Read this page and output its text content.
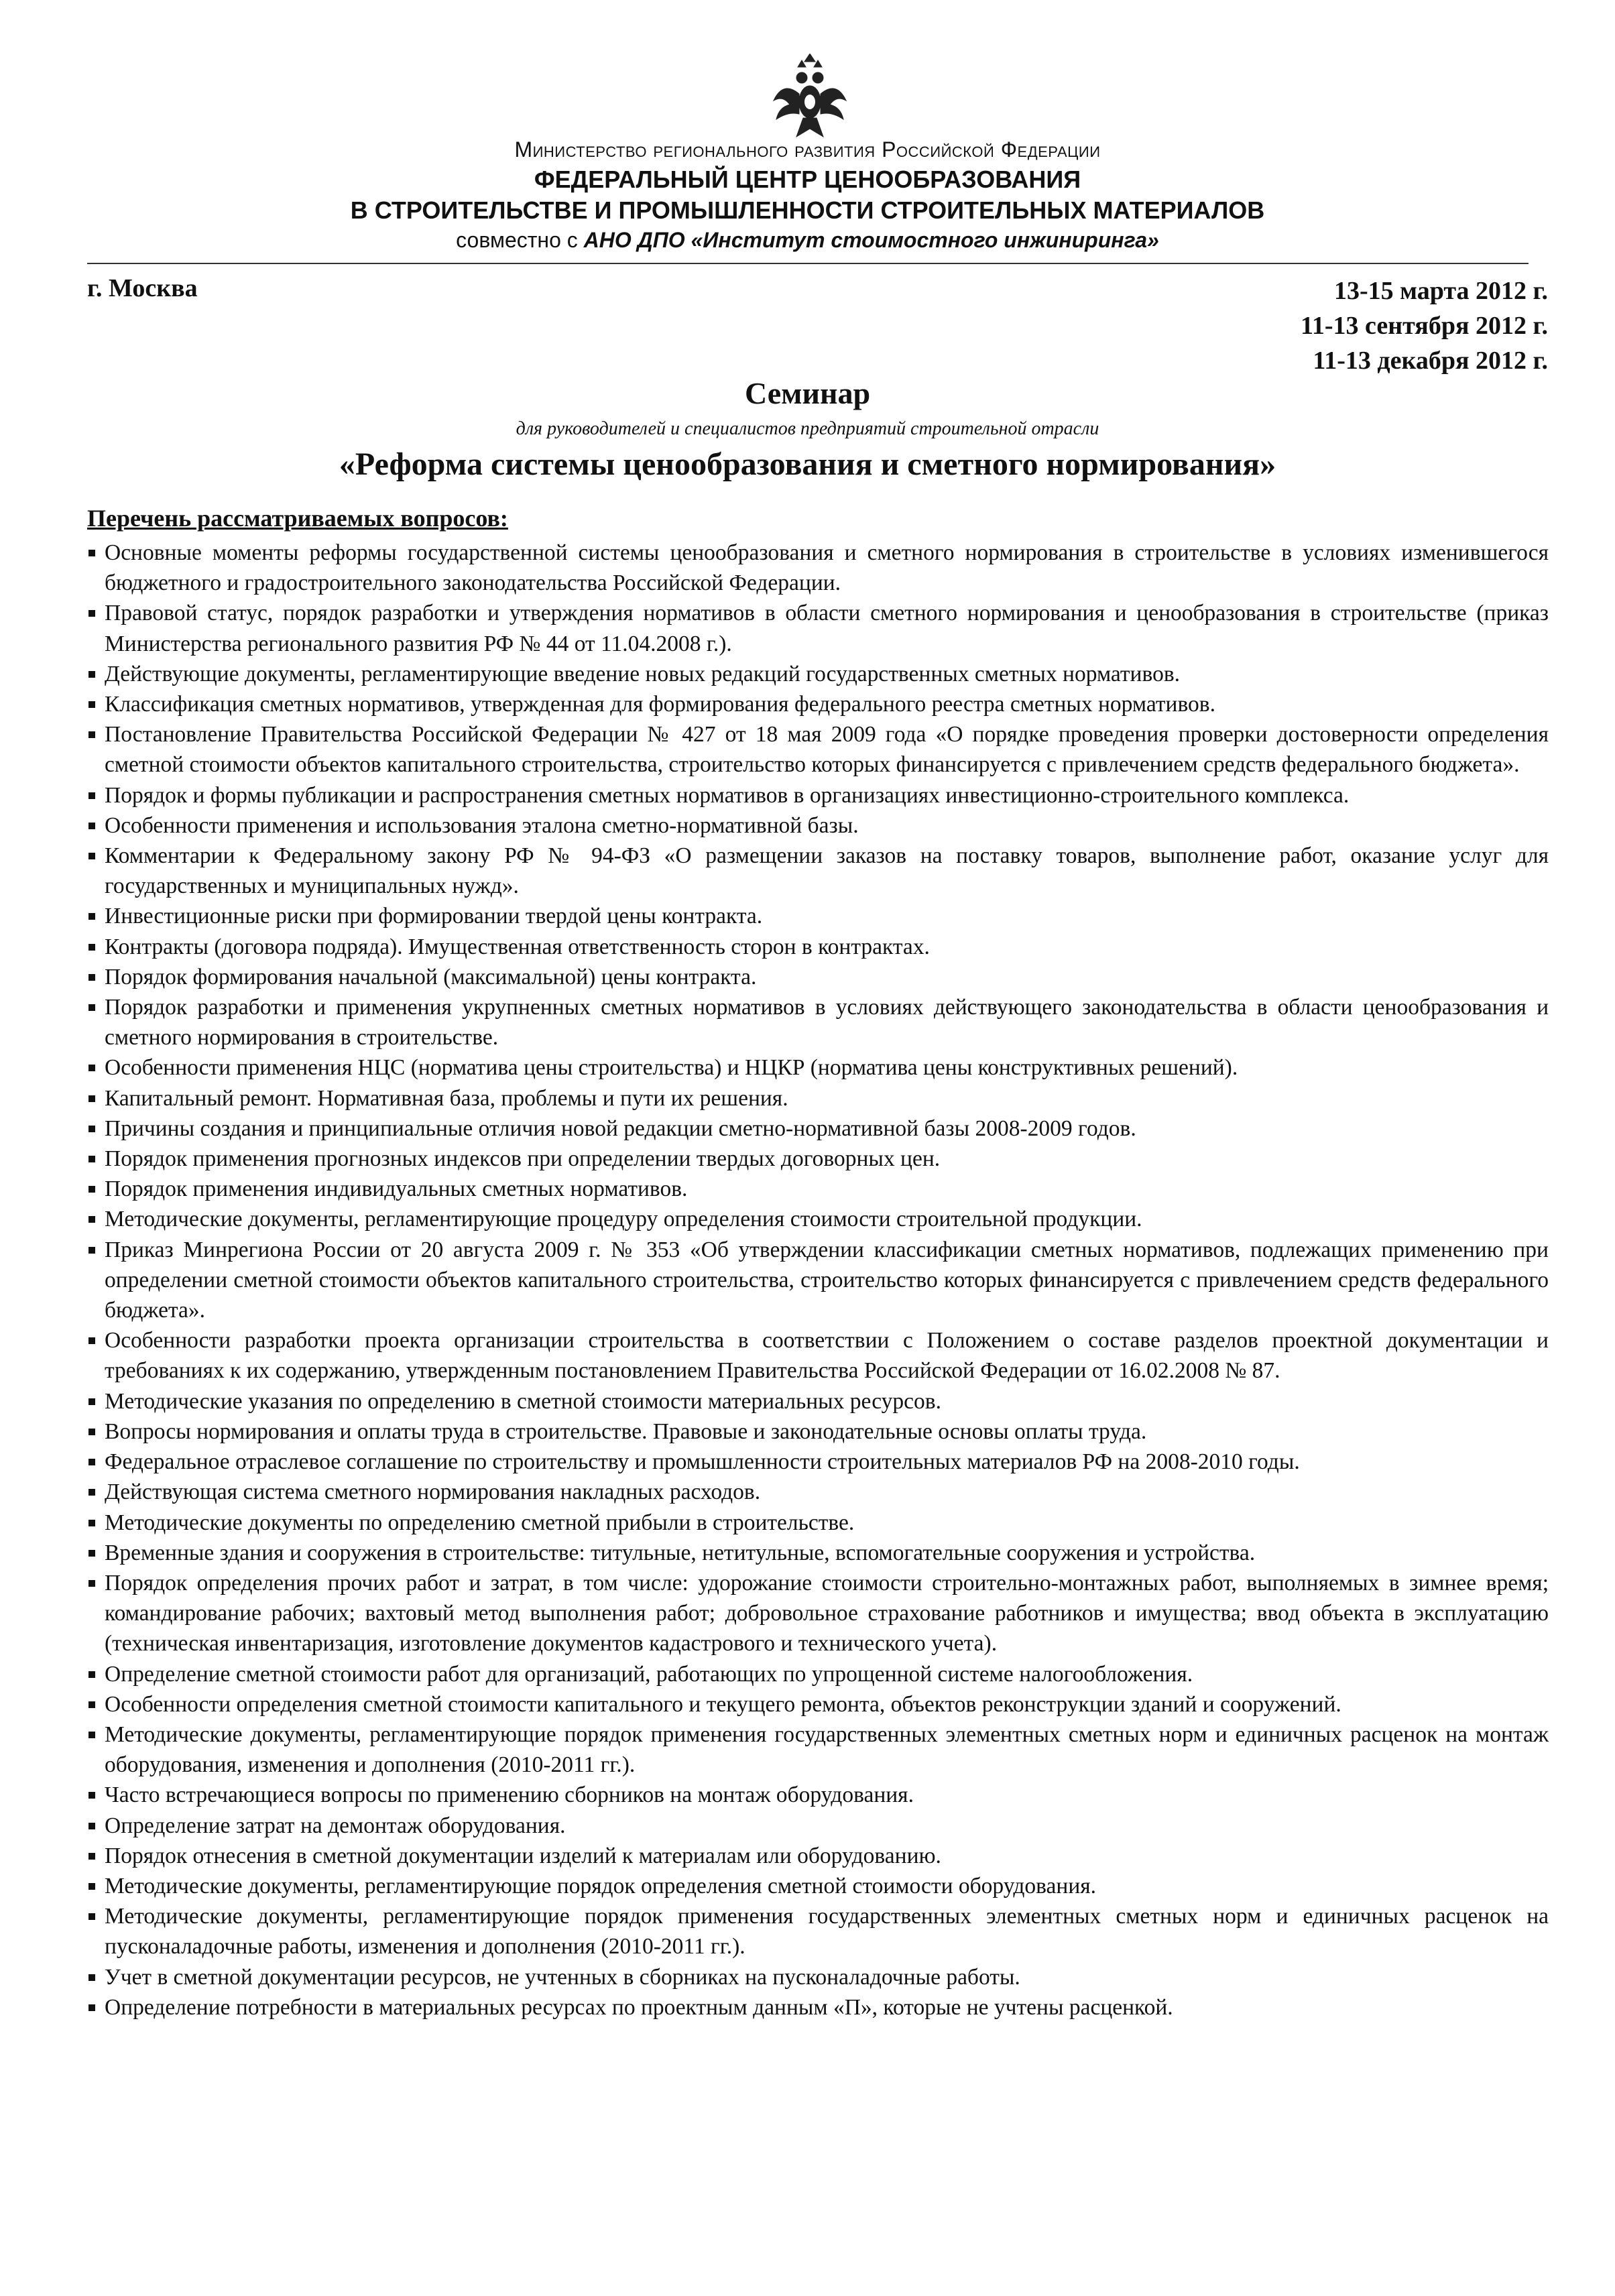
Министерство регионального развития Российской Федерации
ФЕДЕРАЛЬНЫЙ ЦЕНТР ЦЕНООБРАЗОВАНИЯ
В СТРОИТЕЛЬСТВЕ И ПРОМЫШЛЕННОСТИ СТРОИТЕЛЬНЫХ МАТЕРИАЛОВ
совместно с АНО ДПО «Институт стоимостного инжиниринга»
г. Москва	13-15 марта 2012 г.
11-13 сентября 2012 г.
11-13 декабря 2012 г.
Семинар
для руководителей и специалистов предприятий строительной отрасли
«Реформа системы ценообразования и сметного нормирования»
Перечень рассматриваемых вопросов:
Основные моменты реформы государственной системы ценообразования и сметного нормирования в строительстве в условиях изменившегося бюджетного и градостроительного законодательства Российской Федерации.
Правовой статус, порядок разработки и утверждения нормативов в области сметного нормирования и ценообразования в строительстве (приказ Министерства регионального развития РФ № 44 от 11.04.2008 г.).
Действующие документы, регламентирующие введение новых редакций государственных сметных нормативов.
Классификация сметных нормативов, утвержденная для формирования федерального реестра сметных нормативов.
Постановление Правительства Российской Федерации № 427 от 18 мая 2009 года «О порядке проведения проверки достоверности определения сметной стоимости объектов капитального строительства, строительство которых финансируется с привлечением средств федерального бюджета».
Порядок и формы публикации и распространения сметных нормативов в организациях инвестиционно-строительного комплекса.
Особенности применения и использования эталона сметно-нормативной базы.
Комментарии к Федеральному закону РФ № 94-ФЗ «О размещении заказов на поставку товаров, выполнение работ, оказание услуг для государственных и муниципальных нужд».
Инвестиционные риски при формировании твердой цены контракта.
Контракты (договора подряда). Имущественная ответственность сторон в контрактах.
Порядок формирования начальной (максимальной) цены контракта.
Порядок разработки и применения укрупненных сметных нормативов в условиях действующего законодательства в области ценообразования и сметного нормирования в строительстве.
Особенности применения НЦС (норматива цены строительства) и НЦКР (норматива цены конструктивных решений).
Капитальный ремонт. Нормативная база, проблемы и пути их решения.
Причины создания и принципиальные отличия новой редакции сметно-нормативной базы 2008-2009 годов.
Порядок применения прогнозных индексов при определении твердых договорных цен.
Порядок применения индивидуальных сметных нормативов.
Методические документы, регламентирующие процедуру определения стоимости строительной продукции.
Приказ Минрегиона России от 20 августа 2009 г. № 353 «Об утверждении классификации сметных нормативов, подлежащих применению при определении сметной стоимости объектов капитального строительства, строительство которых финансируется с привлечением средств федерального бюджета».
Особенности разработки проекта организации строительства в соответствии с Положением о составе разделов проектной документации и требованиях к их содержанию, утвержденным постановлением Правительства Российской Федерации от 16.02.2008 № 87.
Методические указания по определению в сметной стоимости материальных ресурсов.
Вопросы нормирования и оплаты труда в строительстве. Правовые и законодательные основы оплаты труда.
Федеральное отраслевое соглашение по строительству и промышленности строительных материалов РФ на 2008-2010 годы.
Действующая система сметного нормирования накладных расходов.
Методические документы по определению сметной прибыли в строительстве.
Временные здания и сооружения в строительстве: титульные, нетитульные, вспомогательные сооружения и устройства.
Порядок определения прочих работ и затрат, в том числе: удорожание стоимости строительно-монтажных работ, выполняемых в зимнее время; командирование рабочих; вахтовый метод выполнения работ; добровольное страхование работников и имущества; ввод объекта в эксплуатацию (техническая инвентаризация, изготовление документов кадастрового и технического учета).
Определение сметной стоимости работ для организаций, работающих по упрощенной системе налогообложения.
Особенности определения сметной стоимости капитального и текущего ремонта, объектов реконструкции зданий и сооружений.
Методические документы, регламентирующие порядок применения государственных элементных сметных норм и единичных расценок на монтаж оборудования, изменения и дополнения (2010-2011 гг.).
Часто встречающиеся вопросы по применению сборников на монтаж оборудования.
Определение затрат на демонтаж оборудования.
Порядок отнесения в сметной документации изделий к материалам или оборудованию.
Методические документы, регламентирующие порядок определения сметной стоимости оборудования.
Методические документы, регламентирующие порядок применения государственных элементных сметных норм и единичных расценок на пусконаладочные работы, изменения и дополнения (2010-2011 гг.).
Учет в сметной документации ресурсов, не учтенных в сборниках на пусконаладочные работы.
Определение потребности в материальных ресурсах по проектным данным «П», которые не учтены расценкой.
